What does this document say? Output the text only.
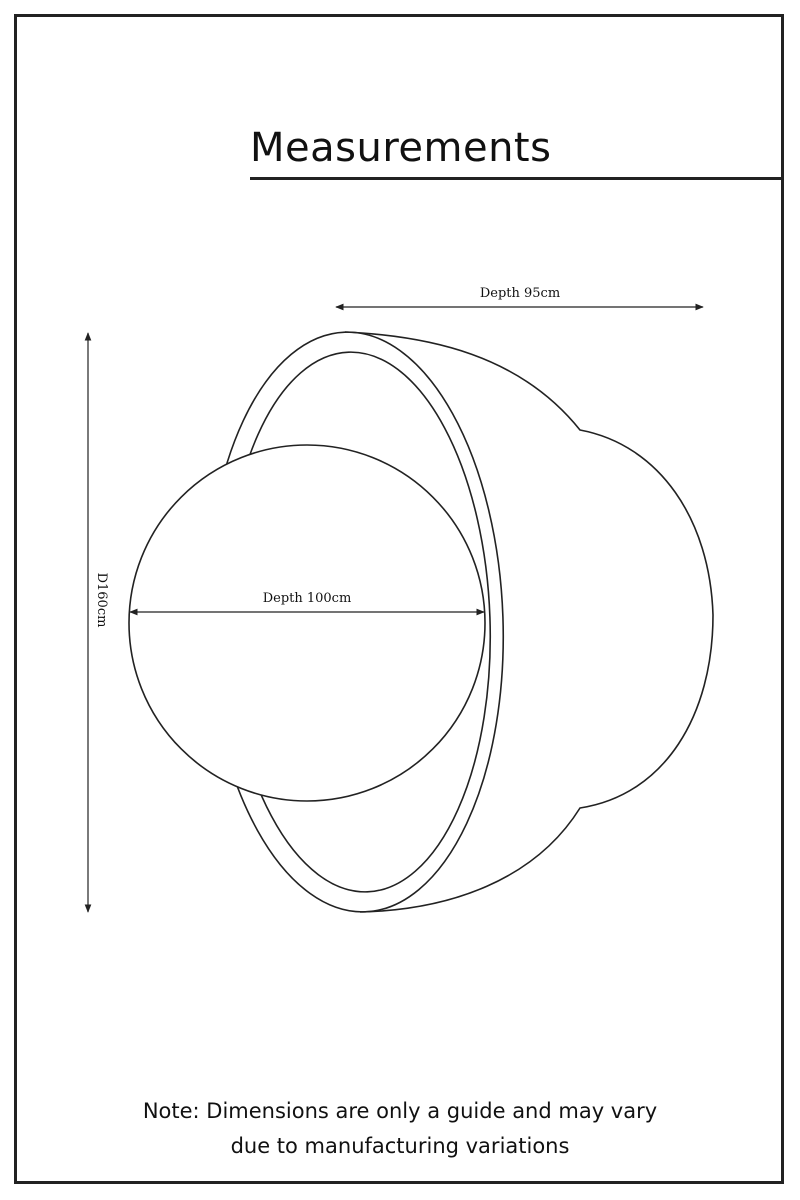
Measurements
Depth 95cm
Depth 100cm
D160cm
Note: Dimensions are only a guide and may vary
due to manufacturing variations
